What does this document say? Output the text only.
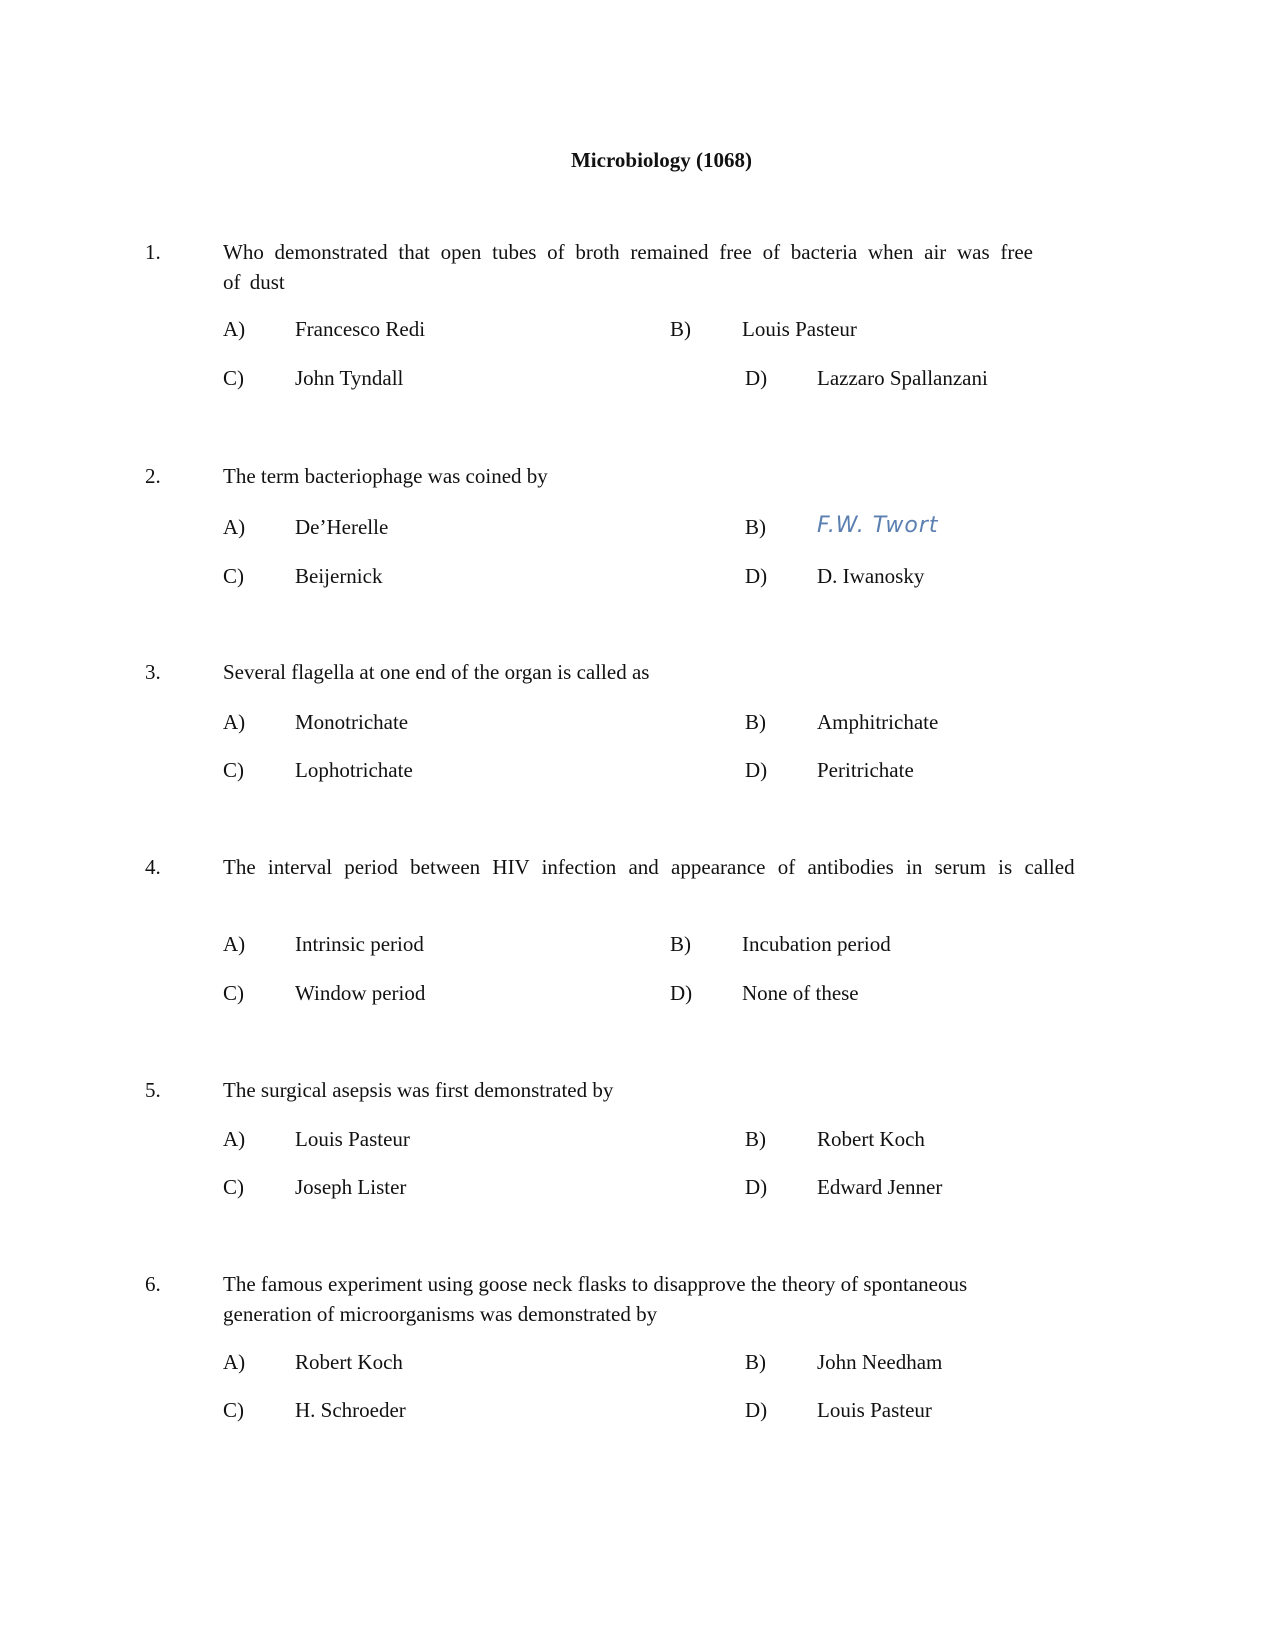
Microbiology (1068)
1.	Who demonstrated that open tubes of broth remained free of bacteria when air was free of dust
A) Francesco Redi	B) Louis Pasteur
C) John Tyndall	D) Lazzaro Spallanzani
2.	The term bacteriophage was coined by
A) De’Herelle	B) F.W. Twort
C) Beijernick	D) D. Iwanosky
3.	Several flagella at one end of the organ is called as
A) Monotrichate	B) Amphitrichate
C) Lophotrichate	D) Peritrichate
4.	The interval period between HIV infection and appearance of antibodies in serum is called
A) Intrinsic period	B) Incubation period
C) Window period	D) None of these
5.	The surgical asepsis was first demonstrated by
A) Louis Pasteur	B) Robert Koch
C) Joseph Lister	D) Edward Jenner
6.	The famous experiment using goose neck flasks to disapprove the theory of spontaneous generation of microorganisms was demonstrated by
A) Robert Koch	B) John Needham
C) H. Schroeder	D) Louis Pasteur
